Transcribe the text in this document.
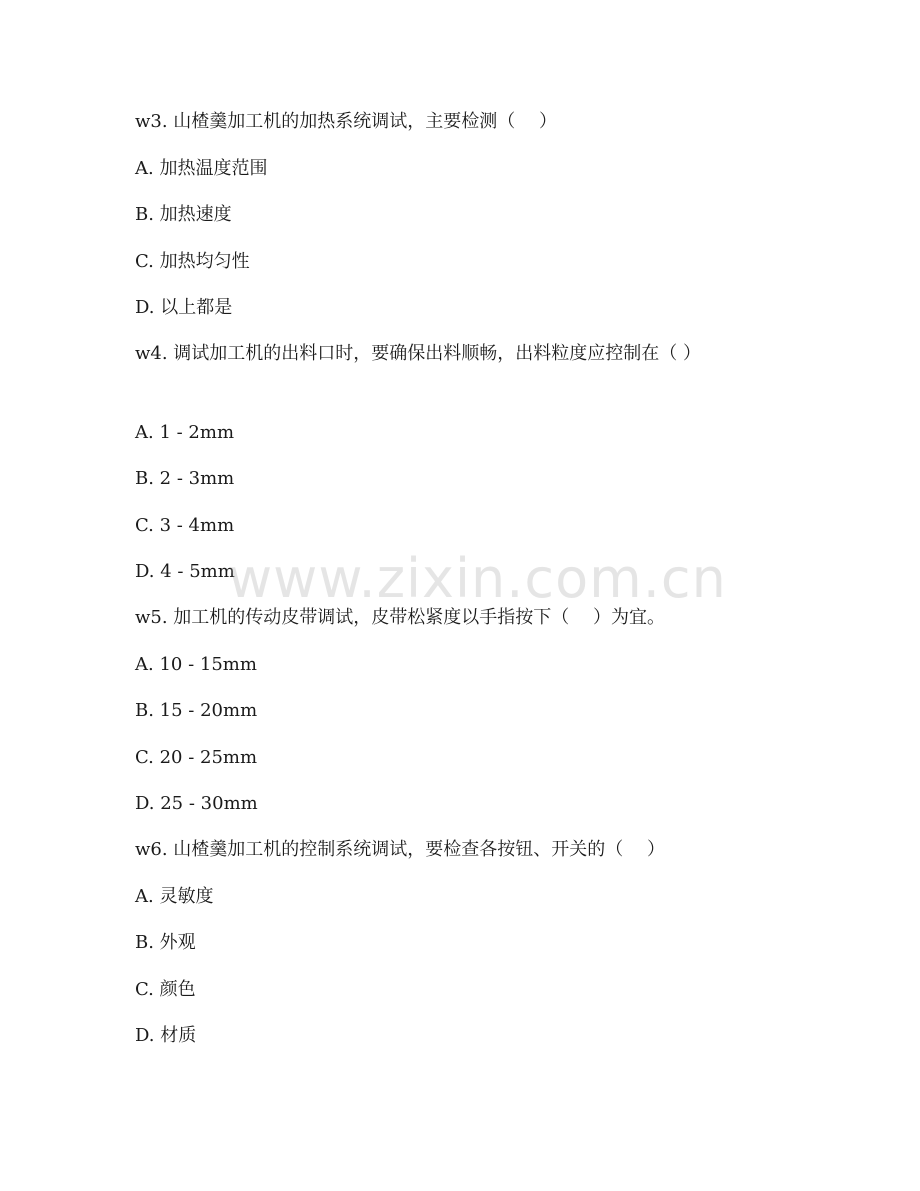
w3. 山楂羹加工机的加热系统调试，主要检测（　 ）
A. 加热温度范围
B. 加热速度
C. 加热均匀性
D. 以上都是
w4. 调试加工机的出料口时，要确保出料顺畅，出料粒度应控制在（ ）
A. 1 - 2mm
B. 2 - 3mm
C. 3 - 4mm
D. 4 - 5mm
w5. 加工机的传动皮带调试，皮带松紧度以手指按下（　 ）为宜。
A. 10 - 15mm
B. 15 - 20mm
C. 20 - 25mm
D. 25 - 30mm
w6. 山楂羹加工机的控制系统调试，要检查各按钮、开关的（　 ）
A. 灵敏度
B. 外观
C. 颜色
D. 材质
www.zixin.com.cn
